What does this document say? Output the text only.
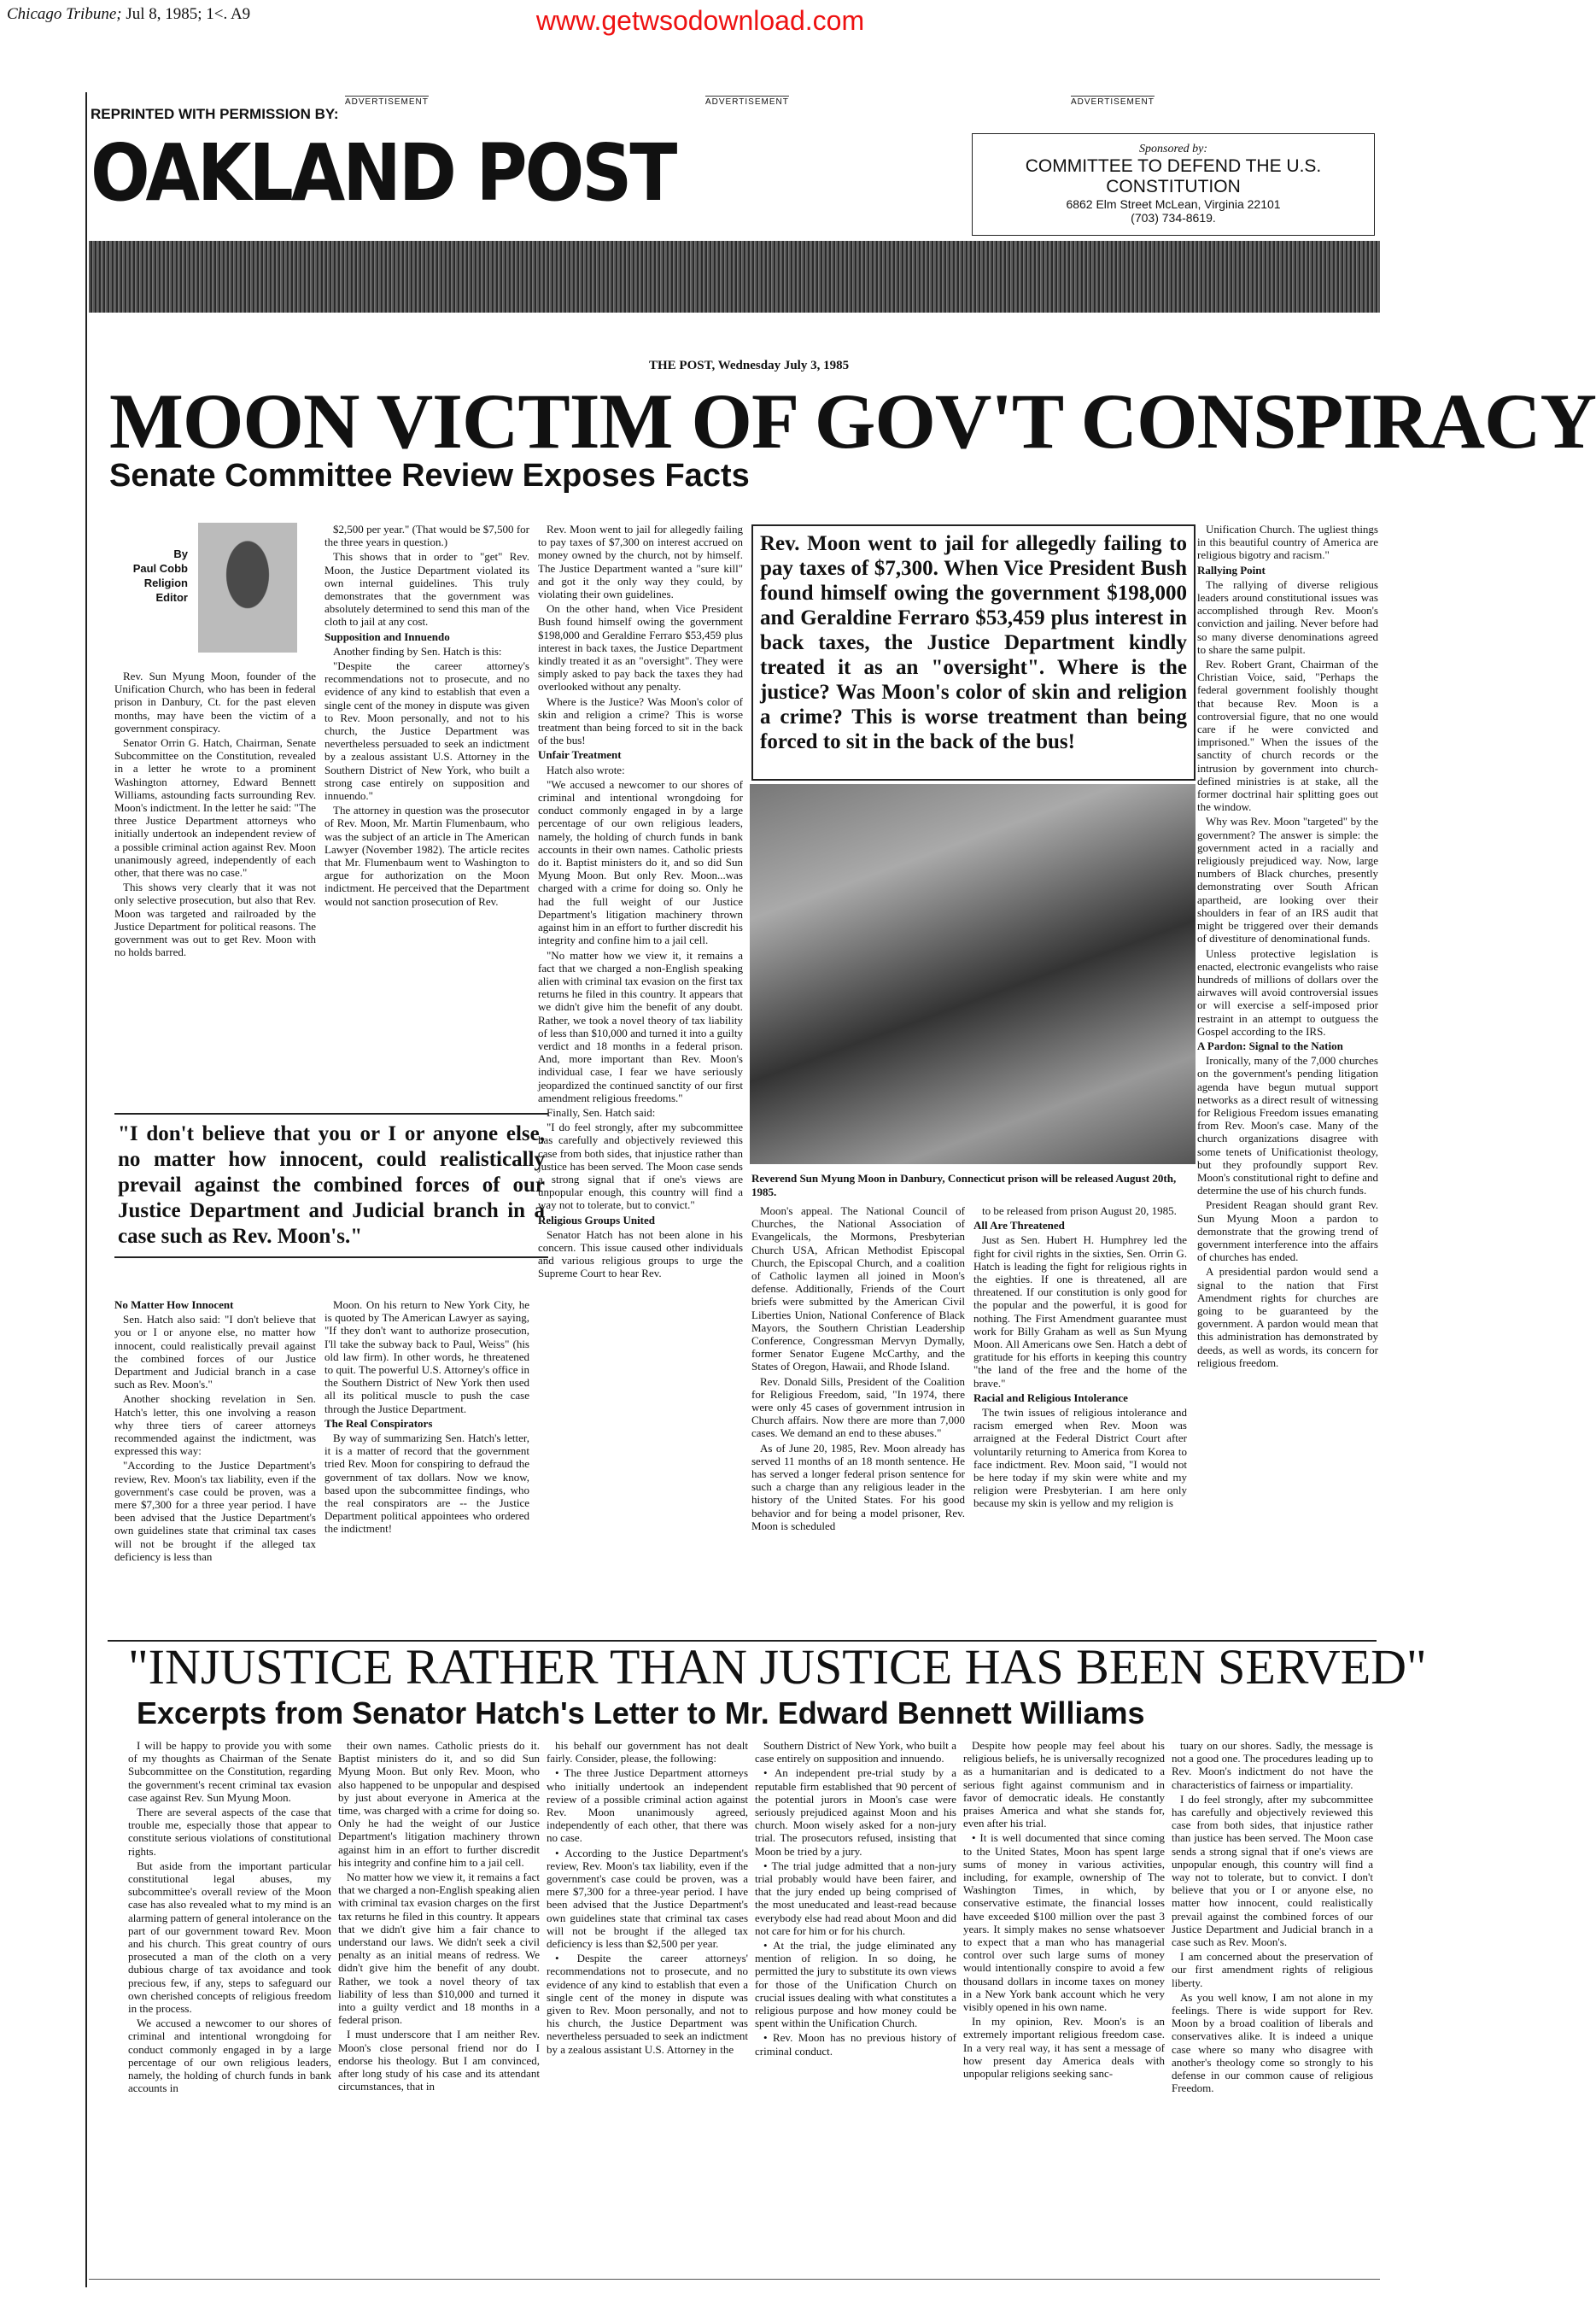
Chicago Tribune; Jul 8, 1985; 1<. A9	www.getwsodownload.com
ADVERTISEMENT	ADVERTISEMENT	ADVERTISEMENT
REPRINTED WITH PERMISSION BY:
OAKLAND POST	Sponsored by:
COMMITTEE TO DEFEND THE U.S. CONSTITUTION
6862 Elm Street McLean, Virginia 22101
(703) 734-8619.
THE POST, Wednesday July 3, 1985
MOON VICTIM OF GOV'T CONSPIRACY
Senate Committee Review Exposes Facts
By
Paul Cobb
Religion
Editor

Rev. Sun Myung Moon, founder of the Unification Church, who has been in federal prison in Danbury, Ct. for the past eleven months, may have been the victim of a government conspiracy.

Senator Orrin G. Hatch, Chairman, Senate Subcommittee on the Constitution, revealed in a letter he wrote to a prominent Washington attorney, Edward Bennett Williams, astounding facts surrounding Rev. Moon's indictment. In the letter he said: "The three Justice Department attorneys who initially undertook an independent review of a possible criminal action against Rev. Moon unanimously agreed, independently of each other, that there was no case."

This shows very clearly that it was not only selective prosecution, but also that Rev. Moon was targeted and railroaded by the Justice Department for political reasons. The government was out to get Rev. Moon with no holds barred.

$2,500 per year." (That would be $7,500 for the three years in question.)

This shows that in order to "get" Rev. Moon, the Justice Department violated its own internal guidelines. This truly demonstrates that the government was absolutely determined to send this man of the cloth to jail at any cost.

Supposition and Innuendo

Another finding by Sen. Hatch is this:

"Despite the career attorney's recommendations not to prosecute, and no evidence of any kind to establish that even a single cent of the money in dispute was given to Rev. Moon personally, and not to his church, the Justice Department was nevertheless persuaded to seek an indictment by a zealous assistant U.S. Attorney in the Southern District of New York, who built a strong case entirely on supposition and innuendo."

The attorney in question was the prosecutor of Rev. Moon, Mr. Martin Flumenbaum, who was the subject of an article in The American Lawyer (November 1982). The article recites that Mr. Flumenbaum went to Washington to argue for authorization on the Moon indictment. He perceived that the Department would not sanction prosecution of Rev.

Rev. Moon went to jail for allegedly failing to pay taxes of $7,300 on interest accrued on money owned by the church, not by himself. The Justice Department wanted a "sure kill" and got it the only way they could, by violating their own guidelines.

On the other hand, when Vice President Bush found himself owing the government $198,000 and Geraldine Ferraro $53,459 plus interest in back taxes, the Justice Department kindly treated it as an "oversight". They were simply asked to pay back the taxes they had overlooked without any penalty.

Where is the Justice? Was Moon's color of skin and religion a crime? This is worse treatment than being forced to sit in the back of the bus!

Unfair Treatment

Hatch also wrote:

"We accused a newcomer to our shores of criminal and intentional wrongdoing for conduct commonly engaged in by a large percentage of our own religious leaders, namely, the holding of church funds in bank accounts in their own names. Catholic priests do it. Baptist ministers do it, and so did Sun Myung Moon. But only Rev. Moon...was charged with a crime for doing so. Only he had the full weight of our Justice Department's litigation machinery thrown against him in an effort to further discredit his integrity and confine him to a jail cell.

"No matter how we view it, it remains a fact that we charged a non-English speaking alien with criminal tax evasion on the first tax returns he filed in this country. It appears that we didn't give him the benefit of any doubt. Rather, we took a novel theory of tax liability of less than $10,000 and turned it into a guilty verdict and 18 months in a federal prison. And, more important than Rev. Moon's individual case, I fear we have seriously jeopardized the continued sanctity of our first amendment religious freedoms."

Finally, Sen. Hatch said:

"I do feel strongly, after my subcommittee has carefully and objectively reviewed this case from both sides, that injustice rather than justice has been served. The Moon case sends a strong signal that if one's views are unpopular enough, this country will find a way not to tolerate, but to convict."

Religious Groups United

Senator Hatch has not been alone in his concern. This issue caused other individuals and various religious groups to urge the Supreme Court to hear Rev.

Rev. Moon went to jail for allegedly failing to pay taxes of $7,300. When Vice President Bush found himself owing the government $198,000 and Geraldine Ferraro $53,459 plus interest in back taxes, the Justice Department kindly treated it as an "oversight". Where is the justice? Was Moon's color of skin and religion a crime? This is worse treatment than being forced to sit in the back of the bus!
Reverend Sun Myung Moon in Danbury, Connecticut prison will be released August 20th, 1985.

Moon's appeal. The National Council of Churches, the National Association of Evangelicals, the Mormons, Presbyterian Church USA, African Methodist Episcopal Church, the Episcopal Church, and a coalition of Catholic laymen all joined in Moon's defense. Additionally, Friends of the Court briefs were submitted by the American Civil Liberties Union, National Conference of Black Mayors, the Southern Christian Leadership Conference, Congressman Mervyn Dymally, former Senator Eugene McCarthy, and the States of Oregon, Hawaii, and Rhode Island.

Rev. Donald Sills, President of the Coalition for Religious Freedom, said, "In 1974, there were only 45 cases of government intrusion in Church affairs. Now there are more than 7,000 cases. We demand an end to these abuses."

As of June 20, 1985, Rev. Moon already has served 11 months of an 18 month sentence. He has served a longer federal prison sentence for such a charge than any religious leader in the history of the United States. For his good behavior and for being a model prisoner, Rev. Moon is scheduled

to be released from prison August 20, 1985.

All Are Threatened

Just as Sen. Hubert H. Humphrey led the fight for civil rights in the sixties, Sen. Orrin G. Hatch is leading the fight for religious rights in the eighties. If one is threatened, all are threatened. If our constitution is only good for the popular and the powerful, it is good for nothing. The First Amendment guarantee must work for Billy Graham as well as Sun Myung Moon. All Americans owe Sen. Hatch a debt of gratitude for his efforts in keeping this country "the land of the free and the home of the brave."

Racial and Religious Intolerance

The twin issues of religious intolerance and racism emerged when Rev. Moon was arraigned at the Federal District Court after voluntarily returning to America from Korea to face indictment. Rev. Moon said, "I would not be here today if my skin were white and my religion were Presbyterian. I am here only because my skin is yellow and my religion is

Unification Church. The ugliest things in this beautiful country of America are religious bigotry and racism."

Rallying Point

The rallying of diverse religious leaders around constitutional issues was accomplished through Rev. Moon's conviction and jailing. Never before had so many diverse denominations agreed to share the same pulpit.

Rev. Robert Grant, Chairman of the Christian Voice, said, "Perhaps the federal government foolishly thought that because Rev. Moon is a controversial figure, that no one would care if he were convicted and imprisoned." When the issues of the sanctity of church records or the intrusion by government into church-defined ministries is at stake, all the former doctrinal hair splitting goes out the window.

Why was Rev. Moon "targeted" by the government? The answer is simple: the government acted in a racially and religiously prejudiced way. Now, large numbers of Black churches, presently demonstrating over South African apartheid, are looking over their shoulders in fear of an IRS audit that might be triggered over their demands of divestiture of denominational funds.

Unless protective legislation is enacted, electronic evangelists who raise hundreds of millions of dollars over the airwaves will avoid controversial issues or will exercise a self-imposed prior restraint in an attempt to outguess the Gospel according to the IRS.

A Pardon: Signal to the Nation

Ironically, many of the 7,000 churches on the government's pending litigation agenda have begun mutual support networks as a direct result of witnessing for Religious Freedom issues emanating from Rev. Moon's case. Many of the church organizations disagree with some tenets of Unificationist theology, but they profoundly support Rev. Moon's constitutional right to define and determine the use of his church funds.

President Reagan should grant Rev. Sun Myung Moon a pardon to demonstrate that the growing trend of government interference into the affairs of churches has ended.

A presidential pardon would send a signal to the nation that First Amendment rights for churches are going to be guaranteed by the government. A pardon would mean that this administration has demonstrated by deeds, as well as words, its concern for religious freedom.

"I don't believe that you or I or anyone else, no matter how innocent, could realistically prevail against the combined forces of our Justice Department and Judicial branch in a case such as Rev. Moon's."

No Matter How Innocent

Sen. Hatch also said: "I don't believe that you or I or anyone else, no matter how innocent, could realistically prevail against the combined forces of our Justice Department and Judicial branch in a case such as Rev. Moon's."

Another shocking revelation in Sen. Hatch's letter, this one involving a reason why three tiers of career attorneys recommended against the indictment, was expressed this way:

"According to the Justice Department's review, Rev. Moon's tax liability, even if the government's case could be proven, was a mere $7,300 for a three year period. I have been advised that the Justice Department's own guidelines state that criminal tax cases will not be brought if the alleged tax deficiency is less than

Moon. On his return to New York City, he is quoted by The American Lawyer as saying, "If they don't want to authorize prosecution, I'll take the subway back to Paul, Weiss" (his old law firm). In other words, he threatened to quit. The powerful U.S. Attorney's office in the Southern District of New York then used all its political muscle to push the case through the Justice Department.

The Real Conspirators

By way of summarizing Sen. Hatch's letter, it is a matter of record that the government tried Rev. Moon for conspiring to defraud the government of tax dollars. Now we know, based upon the subcommittee findings, who the real conspirators are -- the Justice Department political appointees who ordered the indictment!

"INJUSTICE RATHER THAN JUSTICE HAS BEEN SERVED"
Excerpts from Senator Hatch's Letter to Mr. Edward Bennett Williams

I will be happy to provide you with some of my thoughts as Chairman of the Senate Subcommittee on the Constitution, regarding the government's recent criminal tax evasion case against Rev. Sun Myung Moon.

There are several aspects of the case that trouble me, especially those that appear to constitute serious violations of constitutional rights.

But aside from the important particular constitutional legal abuses, my subcommittee's overall review of the Moon case has also revealed what to my mind is an alarming pattern of general intolerance on the part of our government toward Rev. Moon and his church. This great country of ours prosecuted a man of the cloth on a very dubious charge of tax avoidance and took precious few, if any, steps to safeguard our own cherished concepts of religious freedom in the process.

We accused a newcomer to our shores of criminal and intentional wrongdoing for conduct commonly engaged in by a large percentage of our own religious leaders, namely, the holding of church funds in bank accounts in

their own names. Catholic priests do it. Baptist ministers do it, and so did Sun Myung Moon. But only Rev. Moon, who also happened to be unpopular and despised by just about everyone in America at the time, was charged with a crime for doing so. Only he had the weight of our Justice Department's litigation machinery thrown against him in an effort to further discredit his integrity and confine him to a jail cell.

No matter how we view it, it remains a fact that we charged a non-English speaking alien with criminal tax evasion charges on the first tax returns he filed in this country. It appears that we didn't give him a fair chance to understand our laws. We didn't seek a civil penalty as an initial means of redress. We didn't give him the benefit of any doubt. Rather, we took a novel theory of tax liability of less than $10,000 and turned it into a guilty verdict and 18 months in a federal prison.

I must underscore that I am neither Rev. Moon's close personal friend nor do I endorse his theology. But I am convinced, after long study of his case and its attendant circumstances, that in

his behalf our government has not dealt fairly. Consider, please, the following:

• The three Justice Department attorneys who initially undertook an independent review of a possible criminal action against Rev. Moon unanimously agreed, independently of each other, that there was no case.

• According to the Justice Department's review, Rev. Moon's tax liability, even if the government's case could be proven, was a mere $7,300 for a three-year period. I have been advised that the Justice Department's own guidelines state that criminal tax cases will not be brought if the alleged tax deficiency is less than $2,500 per year.

• Despite the career attorneys' recommendations not to prosecute, and no evidence of any kind to establish that even a single cent of the money in dispute was given to Rev. Moon personally, and not to his church, the Justice Department was nevertheless persuaded to seek an indictment by a zealous assistant U.S. Attorney in the

Southern District of New York, who built a case entirely on supposition and innuendo.

• An independent pre-trial study by a reputable firm established that 90 percent of the potential jurors in Moon's case were seriously prejudiced against Moon and his church. Moon wisely asked for a non-jury trial. The prosecutors refused, insisting that Moon be tried by a jury.

• The trial judge admitted that a non-jury trial probably would have been fairer, and that the jury ended up being comprised of the most uneducated and least-read because everybody else had read about Moon and did not care for him or for his church.

• At the trial, the judge eliminated any mention of religion. In so doing, he permitted the jury to substitute its own views for those of the Unification Church on crucial issues dealing with what constitutes a religious purpose and how money could be spent within the Unification Church.

• Rev. Moon has no previous history of criminal conduct.

Despite how people may feel about his religious beliefs, he is universally recognized as a humanitarian and is dedicated to a serious fight against communism and in favor of democratic ideals. He constantly praises America and what she stands for, even after his trial.

• It is well documented that since coming to the United States, Moon has spent large sums of money in various activities, including, for example, ownership of The Washington Times, in which, by conservative estimate, the financial losses have exceeded $100 million over the past 3 years. It simply makes no sense whatsoever to expect that a man who has managerial control over such large sums of money would intentionally conspire to avoid a few thousand dollars in income taxes on money in a New York bank account which he very visibly opened in his own name.

In my opinion, Rev. Moon's is an extremely important religious freedom case. In a very real way, it has sent a message of how present day America deals with unpopular religions seeking sanc-

tuary on our shores. Sadly, the message is not a good one. The procedures leading up to Rev. Moon's indictment do not have the characteristics of fairness or impartiality.

I do feel strongly, after my subcommittee has carefully and objectively reviewed this case from both sides, that injustice rather than justice has been served. The Moon case sends a strong signal that if one's views are unpopular enough, this country will find a way not to tolerate, but to convict. I don't believe that you or I or anyone else, no matter how innocent, could realistically prevail against the combined forces of our Justice Department and Judicial branch in a case such as Rev. Moon's.

I am concerned about the preservation of our first amendment rights of religious liberty.

As you well know, I am not alone in my feelings. There is wide support for Rev. Moon by a broad coalition of liberals and conservatives alike. It is indeed a unique case where so many who disagree with another's theology come so strongly to his defense in our common cause of religious Freedom.
